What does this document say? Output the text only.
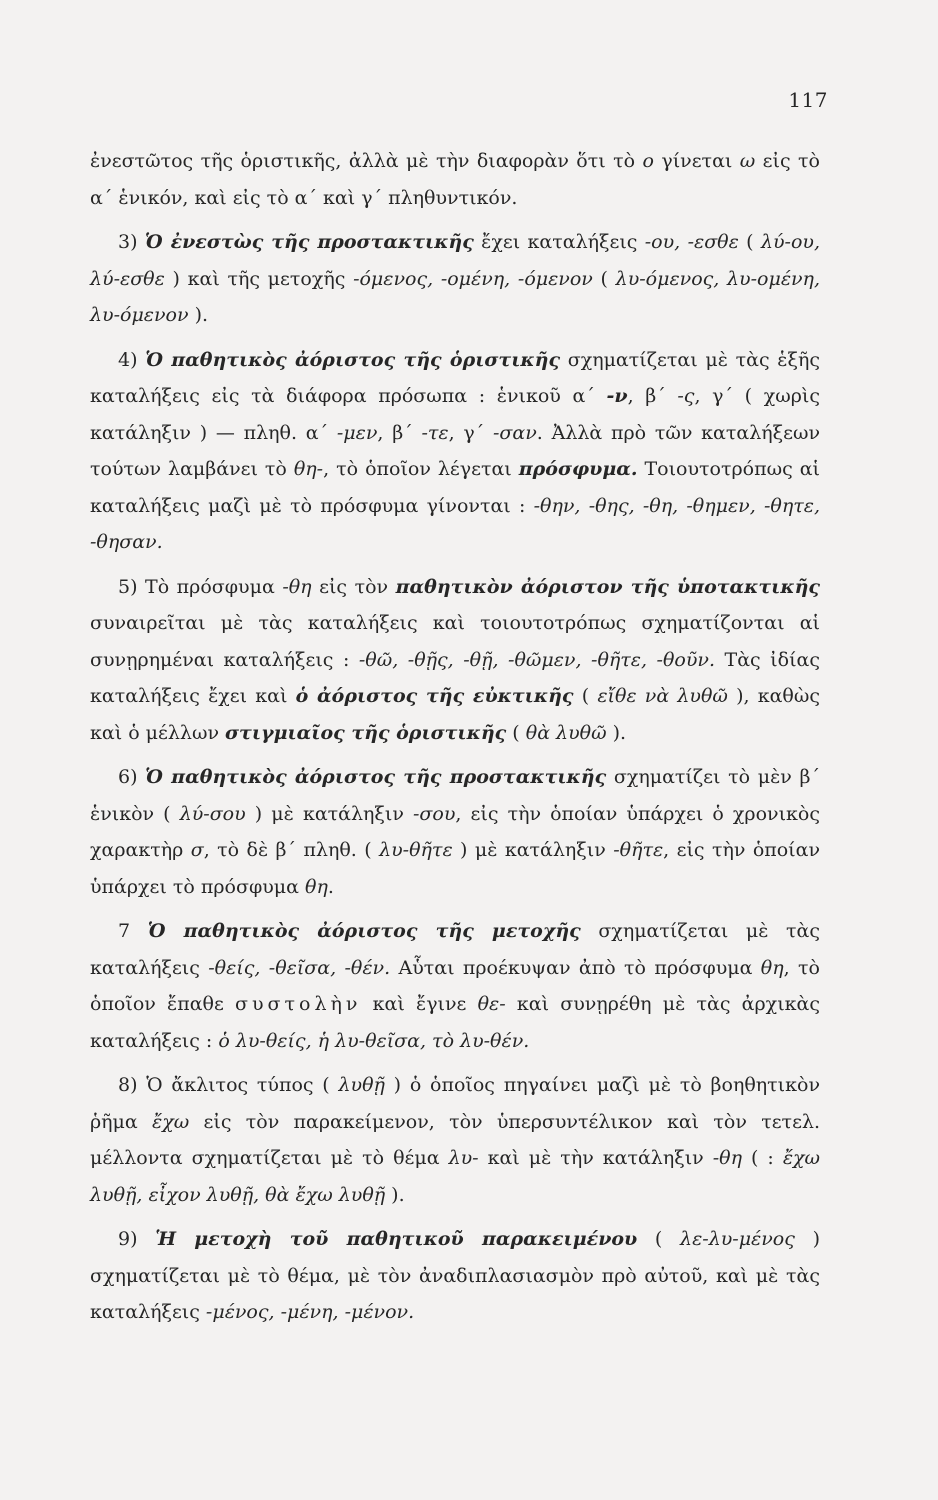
117

ἐνεστῶτος τῆς ὁριστικῆς, ἀλλὰ μὲ τὴν διαφορὰν ὅτι τὸ ο γίνεται ω εἰς τὸ α΄ ἑνικόν, καὶ εἰς τὸ α΄ καὶ γ΄ πληθυντικόν.

3) Ὁ ἐνεστὼς τῆς προστακτικῆς ἔχει καταλήξεις -ου, -εσθε ( λύ-ου, λύ-εσθε ) καὶ τῆς μετοχῆς -όμενος, -ομένη, -όμενον ( λυ-όμενος, λυ-ομένη, λυ-όμενον ).

4) Ὁ παθητικὸς ἀόριστος τῆς ὁριστικῆς σχηματίζεται μὲ τὰς ἑξῆς καταλήξεις εἰς τὰ διάφορα πρόσωπα : ἑνικοῦ α΄ -ν, β΄ -ς, γ΄ ( χωρὶς κατάληξιν ) — πληθ. α΄ -μεν, β΄ -τε, γ΄ -σαν. Ἀλλὰ πρὸ τῶν καταλήξεων τούτων λαμβάνει τὸ θη-, τὸ ὁποῖον λέγεται πρόσφυμα. Τοιουτοτρόπως αἱ καταλήξεις μαζὶ μὲ τὸ πρόσφυμα γίνονται : -θην, -θης, -θη, -θημεν, -θητε, -θησαν.

5) Τὸ πρόσφυμα -θη εἰς τὸν παθητικὸν ἀόριστον τῆς ὑποτακτικῆς συναιρεῖται μὲ τὰς καταλήξεις καὶ τοιουτοτρόπως σχηματίζονται αἱ συνῃρημέναι καταλήξεις : -θῶ, -θῇς, -θῇ, -θῶμεν, -θῆτε, -θοῦν. Τὰς ἰδίας καταλήξεις ἔχει καὶ ὁ ἀόριστος τῆς εὐκτικῆς ( εἴθε νὰ λυθῶ ), καθὼς καὶ ὁ μέλλων στιγμιαῖος τῆς ὁριστικῆς ( θὰ λυθῶ ).

6) Ὁ παθητικὸς ἀόριστος τῆς προστακτικῆς σχηματίζει τὸ μὲν β΄ ἑνικὸν ( λύ-σου ) μὲ κατάληξιν -σου, εἰς τὴν ὁποίαν ὑπάρχει ὁ χρονικὸς χαρακτὴρ σ, τὸ δὲ β΄ πληθ. ( λυ-θῆτε ) μὲ κατάληξιν -θῆτε, εἰς τὴν ὁποίαν ὑπάρχει τὸ πρόσφυμα θη.

7 Ὁ παθητικὸς ἀόριστος τῆς μετοχῆς σχηματίζεται μὲ τὰς καταλήξεις -θείς, -θεῖσα, -θέν. Αὗται προέκυψαν ἀπὸ τὸ πρόσφυμα θη, τὸ ὁποῖον ἔπαθε συστολὴν καὶ ἔγινε θε- καὶ συνῃρέθη μὲ τὰς ἀρχικὰς καταλήξεις : ὁ λυ-θείς, ἡ λυ-θεῖσα, τὸ λυ-θέν.

8) Ὁ ἄκλιτος τύπος ( λυθῇ ) ὁ ὁποῖος πηγαίνει μαζὶ μὲ τὸ βοηθητικὸν ῥῆμα ἔχω εἰς τὸν παρακείμενον, τὸν ὑπερσυντέλικον καὶ τὸν τετελ. μέλλοντα σχηματίζεται μὲ τὸ θέμα λυ- καὶ μὲ τὴν κατάληξιν -θη ( : ἔχω λυθῇ, εἶχον λυθῇ, θὰ ἔχω λυθῇ ).

9) Ἡ μετοχὴ τοῦ παθητικοῦ παρακειμένου ( λε-λυ-μένος ) σχηματίζεται μὲ τὸ θέμα, μὲ τὸν ἀναδιπλασιασμὸν πρὸ αὐτοῦ, καὶ μὲ τὰς καταλήξεις -μένος, -μένη, -μένον.
